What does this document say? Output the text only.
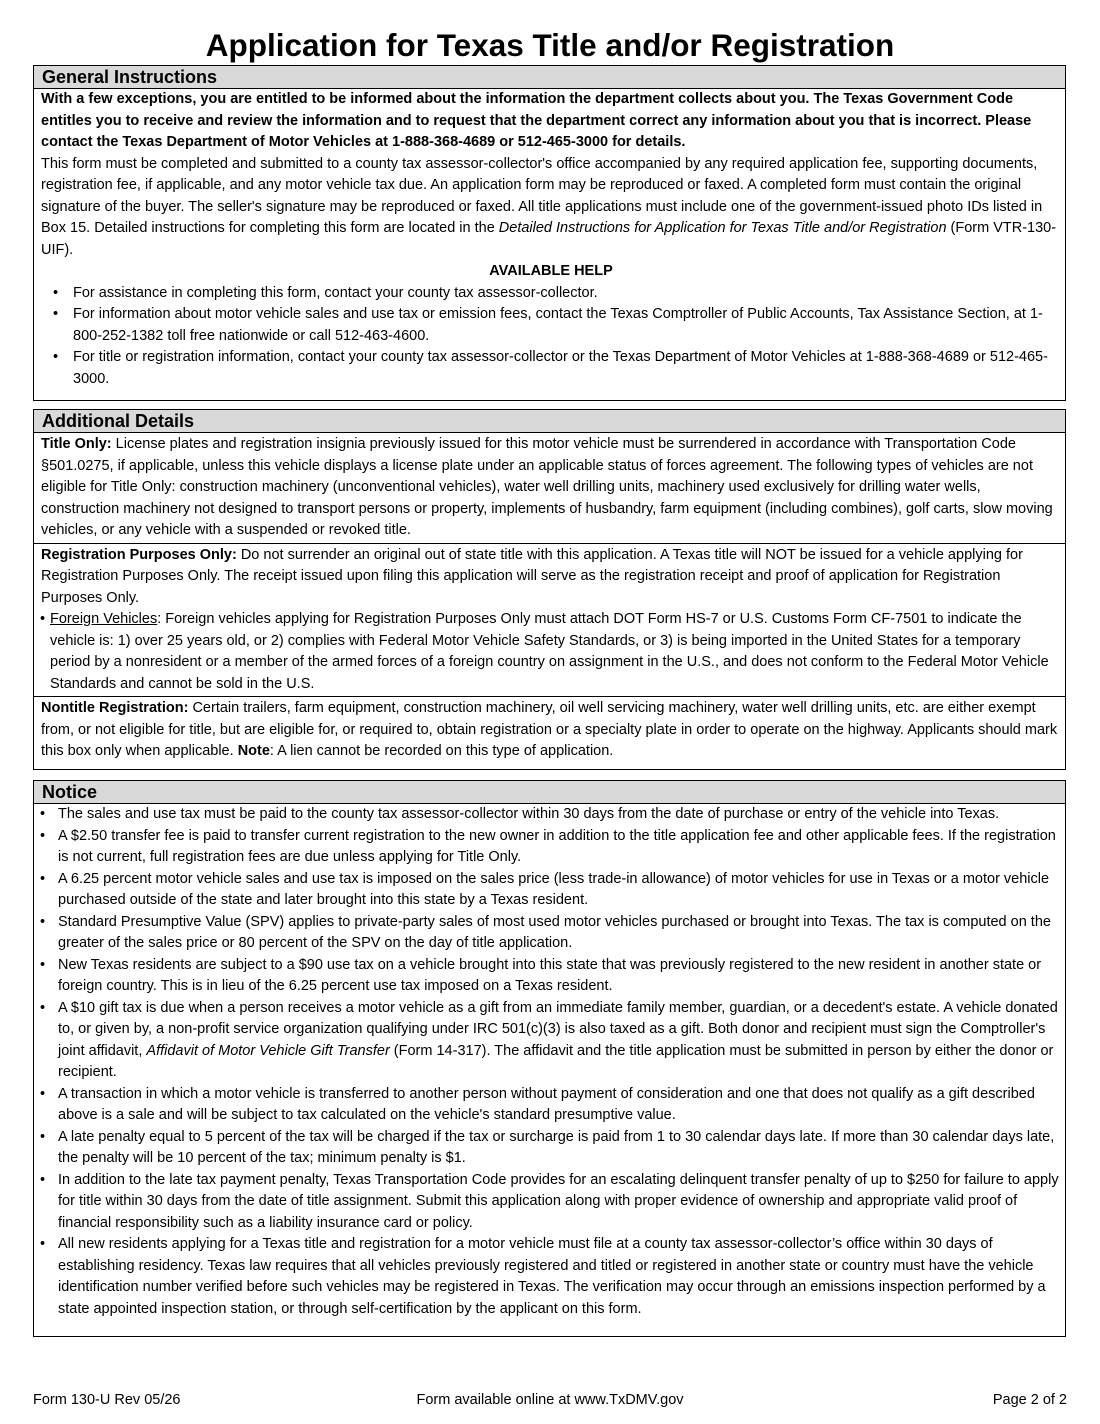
Application for Texas Title and/or Registration
General Instructions
With a few exceptions, you are entitled to be informed about the information the department collects about you. The Texas Government Code entitles you to receive and review the information and to request that the department correct any information about you that is incorrect. Please contact the Texas Department of Motor Vehicles at 1-888-368-4689 or 512-465-3000 for details.
This form must be completed and submitted to a county tax assessor-collector's office accompanied by any required application fee, supporting documents, registration fee, if applicable, and any motor vehicle tax due. An application form may be reproduced or faxed. A completed form must contain the original signature of the buyer. The seller's signature may be reproduced or faxed. All title applications must include one of the government-issued photo IDs listed in Box 15. Detailed instructions for completing this form are located in the Detailed Instructions for Application for Texas Title and/or Registration (Form VTR-130-UIF).
AVAILABLE HELP
• For assistance in completing this form, contact your county tax assessor-collector.
• For information about motor vehicle sales and use tax or emission fees, contact the Texas Comptroller of Public Accounts, Tax Assistance Section, at 1-800-252-1382 toll free nationwide or call 512-463-4600.
• For title or registration information, contact your county tax assessor-collector or the Texas Department of Motor Vehicles at 1-888-368-4689 or 512-465-3000.
Additional Details
Title Only: License plates and registration insignia previously issued for this motor vehicle must be surrendered in accordance with Transportation Code §501.0275, if applicable, unless this vehicle displays a license plate under an applicable status of forces agreement. The following types of vehicles are not eligible for Title Only: construction machinery (unconventional vehicles), water well drilling units, machinery used exclusively for drilling water wells, construction machinery not designed to transport persons or property, implements of husbandry, farm equipment (including combines), golf carts, slow moving vehicles, or any vehicle with a suspended or revoked title.
Registration Purposes Only: Do not surrender an original out of state title with this application. A Texas title will NOT be issued for a vehicle applying for Registration Purposes Only. The receipt issued upon filing this application will serve as the registration receipt and proof of application for Registration Purposes Only.
• Foreign Vehicles: Foreign vehicles applying for Registration Purposes Only must attach DOT Form HS-7 or U.S. Customs Form CF-7501 to indicate the vehicle is: 1) over 25 years old, or 2) complies with Federal Motor Vehicle Safety Standards, or 3) is being imported in the United States for a temporary period by a nonresident or a member of the armed forces of a foreign country on assignment in the U.S., and does not conform to the Federal Motor Vehicle Standards and cannot be sold in the U.S.
Nontitle Registration: Certain trailers, farm equipment, construction machinery, oil well servicing machinery, water well drilling units, etc. are either exempt from, or not eligible for title, but are eligible for, or required to, obtain registration or a specialty plate in order to operate on the highway. Applicants should mark this box only when applicable. Note: A lien cannot be recorded on this type of application.
Notice
• The sales and use tax must be paid to the county tax assessor-collector within 30 days from the date of purchase or entry of the vehicle into Texas.
• A $2.50 transfer fee is paid to transfer current registration to the new owner in addition to the title application fee and other applicable fees. If the registration is not current, full registration fees are due unless applying for Title Only.
• A 6.25 percent motor vehicle sales and use tax is imposed on the sales price (less trade-in allowance) of motor vehicles for use in Texas or a motor vehicle purchased outside of the state and later brought into this state by a Texas resident.
• Standard Presumptive Value (SPV) applies to private-party sales of most used motor vehicles purchased or brought into Texas. The tax is computed on the greater of the sales price or 80 percent of the SPV on the day of title application.
• New Texas residents are subject to a $90 use tax on a vehicle brought into this state that was previously registered to the new resident in another state or foreign country. This is in lieu of the 6.25 percent use tax imposed on a Texas resident.
• A $10 gift tax is due when a person receives a motor vehicle as a gift from an immediate family member, guardian, or a decedent's estate. A vehicle donated to, or given by, a non-profit service organization qualifying under IRC 501(c)(3) is also taxed as a gift. Both donor and recipient must sign the Comptroller's joint affidavit, Affidavit of Motor Vehicle Gift Transfer (Form 14-317). The affidavit and the title application must be submitted in person by either the donor or recipient.
• A transaction in which a motor vehicle is transferred to another person without payment of consideration and one that does not qualify as a gift described above is a sale and will be subject to tax calculated on the vehicle's standard presumptive value.
• A late penalty equal to 5 percent of the tax will be charged if the tax or surcharge is paid from 1 to 30 calendar days late. If more than 30 calendar days late, the penalty will be 10 percent of the tax; minimum penalty is $1.
• In addition to the late tax payment penalty, Texas Transportation Code provides for an escalating delinquent transfer penalty of up to $250 for failure to apply for title within 30 days from the date of title assignment. Submit this application along with proper evidence of ownership and appropriate valid proof of financial responsibility such as a liability insurance card or policy.
• All new residents applying for a Texas title and registration for a motor vehicle must file at a county tax assessor-collector’s office within 30 days of establishing residency. Texas law requires that all vehicles previously registered and titled or registered in another state or country must have the vehicle identification number verified before such vehicles may be registered in Texas. The verification may occur through an emissions inspection performed by a state appointed inspection station, or through self-certification by the applicant on this form.
Form 130-U Rev 05/26	Form available online at www.TxDMV.gov	Page 2 of 2
